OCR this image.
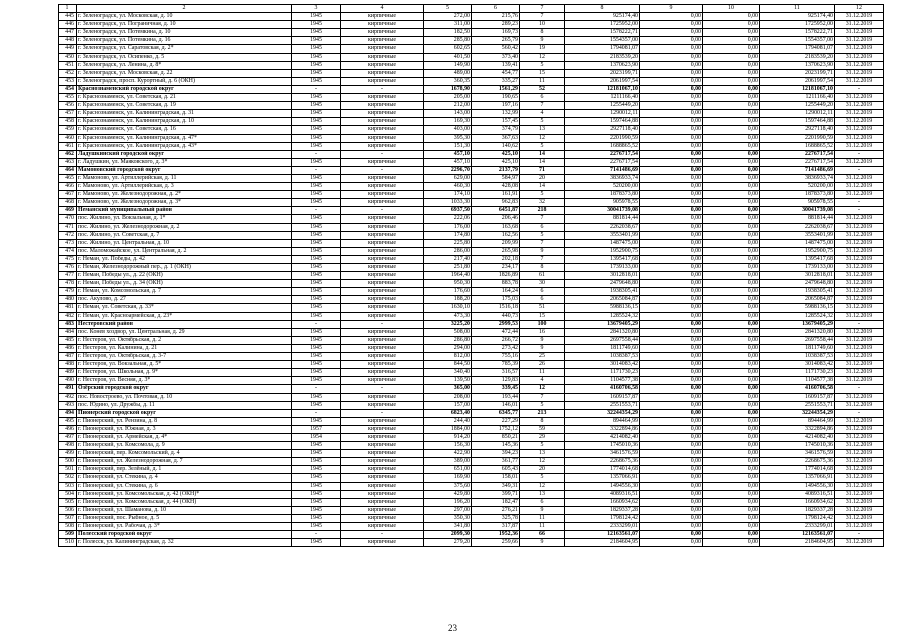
1	2	3	4	5	6	7	8	9	10	11	12
445	г. Зеленоградск, ул. Московская, д. 10	1945	кирпичные	272,00	215,76	7	925174,40	0,00	0,00	925174,40	31.12.2019
446	г. Зеленоградск, ул. Пограничная, д. 10	1945	кирпичные	311,00	289,23	10	1725952,00	0,00	0,00	1725952,00	31.12.2019
447	г. Зеленоградск, ул. Потемкина, д. 10	1945	кирпичные	182,50	169,73	8	1578222,71	0,00	0,00	1578222,71	31.12.2019
448	г. Зеленоградск, ул. Потемкина, д. 16	1945	кирпичные	285,80	265,79	9	1554357,00	0,00	0,00	1554357,00	31.12.2019
449	г. Зеленоградск, ул. Саратовская, д. 2*	1945	кирпичные	602,65	560,42	19	1794081,07	0,00	0,00	1794081,07	31.12.2019
450	г. Зеленоградск, ул. Осипенко, д. 5	1945	кирпичные	401,50	373,40	12	2183539,20	0,00	0,00	2183539,20	31.12.2019
451	г. Зеленоградск, ул. Ленина, д. 8*	1945	кирпичные	149,90	139,41	5	1370623,90	0,00	0,00	1370623,90	31.12.2019
452	г. Зеленоградск, ул. Московская, д. 22	1945	кирпичные	489,00	454,77	15	2023199,71	0,00	0,00	2023199,71	31.12.2019
453	г. Зеленоградск, просп. Курортный, д. 6 (ОКН)	1945	кирпичные	360,35	335,27	11	2061997,54	0,00	0,00	2061997,54	31.12.2019
454	Краснознаменский городской округ	-	-	1678,90	1561,29	52	12181067,10	0,00	0,00	12181067,10	-
455	г. Краснознаменск, ул. Советская, д. 21	1945	кирпичные	205,00	190,65	6	1211166,40	0,00	0,00	1211166,40	31.12.2019
456	г. Краснознаменск, ул. Советская, д. 19	1945	кирпичные	212,00	197,16	7	1255449,20	0,00	0,00	1255449,20	31.12.2019
457	г. Краснознаменск, ул. Калининградская, д. 31	1945	кирпичные	143,00	132,99	4	1290012,11	0,00	0,00	1290012,11	31.12.2019
458	г. Краснознаменск, ул. Калининградская, д. 10	1945	кирпичные	169,30	157,45	5	1597464,88	0,00	0,00	1597464,88	31.12.2019
459	г. Краснознаменск, ул. Советская, д. 16	1945	кирпичные	403,00	374,79	13	2927118,40	0,00	0,00	2927118,40	31.12.2019
460	г. Краснознаменск, ул. Калининградская, д. 47*	1945	кирпичные	395,30	367,63	12	2201990,59	0,00	0,00	2201990,59	31.12.2019
461	г. Краснознаменск, ул. Калининградская, д. 43*	1945	кирпичные	151,30	140,62	5	1688865,52	0,00	0,00	1688865,52	31.12.2019
462	Ладушкинский городской округ	-	-	457,10	425,10	14	2276717,54	0,00	0,00	2276717,54	-
463	г. Ладушкин, ул. Маяковского, д. 3*	1945	кирпичные	457,10	425,10	14	2276717,54	0,00	0,00	2276717,54	31.12.2019
464	Мамоновский городской округ	-	-	2296,70	2137,79	71	7141486,69	0,00	0,00	7141486,69	-
465	г. Мамоново, ул. Артиллерийская, д. 11	1945	кирпичные	629,00	584,97	20	3836933,74	0,00	0,00	3836933,74	31.12.2019
466	г. Мамоново, ул. Артиллерийская, д. 3	1945	кирпичные	460,30	428,08	14	520200,00	0,00	0,00	520200,00	31.12.2019
467	г. Мамоново, ул. Железнодорожная, д. 2*	1945	кирпичные	174,10	161,91	5	1878373,80	0,00	0,00	1878373,80	31.12.2019
468	г. Мамоново, ул. Железнодорожная, д. 3*	1945	кирпичные	1033,30	962,83	32	905978,55	0,00	0,00	905978,55	-
469	Неманский муниципальный район	-	-	6937,50	6451,87	218	30041739,08	0,00	0,00	30041739,08	-
470	пос. Жилино, ул. Вокзальная, д. 1*	1945	кирпичные	222,06	206,46	7	881814,44	0,00	0,00	881814,44	31.12.2019
471	пос. Жилино, ул. Железнодорожная, д. 2	1945	кирпичные	176,00	163,68	6	2262038,67	0,00	0,00	2262038,67	31.12.2019
472	пос. Жилино, ул. Советская, д. 7	1945	кирпичные	174,80	162,56	5	3553401,99	0,00	0,00	3553401,99	31.12.2019
473	пос. Жилино, ул. Центральная, д. 10	1945	кирпичные	225,80	209,99	7	1487475,00	0,00	0,00	1487475,00	31.12.2019
474	пос. Маломожайское, ул. Центральная, д. 2	1945	кирпичные	286,00	265,98	9	1952900,75	0,00	0,00	1952900,75	31.12.2019
475	г. Неман, ул. Победы, д. 42	1945	кирпичные	217,40	202,18	7	1395417,68	0,00	0,00	1395417,68	31.12.2019
476	г. Неман, Железнодорожный пер., д. 1 (ОКН)	1945	кирпичные	251,80	234,17	8	1739133,00	0,00	0,00	1739133,00	31.12.2019
477	г. Неман, Победы ул., д. 22 (ОКН)	1945	кирпичные	1964,40	1826,89	61	3012818,01	0,00	0,00	3012818,01	31.12.2019
478	г. Неман, Победы ул., д. 34 (ОКН)	1945	кирпичные	950,30	883,78	30	2479648,80	0,00	0,00	2479648,80	31.12.2019
479	г. Неман, ул. Комсомольская, д. 7	1945	кирпичные	176,60	164,24	6	1938305,41	0,00	0,00	1938305,41	31.12.2019
480	пос. Акулово, д. 27	1945	кирпичные	188,20	175,03	6	2065084,87	0,00	0,00	2065084,87	31.12.2019
481	г. Неман, ул. Советская, д. 33*	1945	кирпичные	1630,10	1516,18	51	5988136,15	0,00	0,00	5988136,15	31.12.2019
482	г. Неман, ул. Красноармейская, д. 23*	1945	кирпичные	473,30	440,73	15	1285524,32	0,00	0,00	1285524,32	31.12.2019
483	Нестеровский район	-	-	3225,20	2999,53	100	13679405,29	0,00	0,00	13679405,29	-
484	пос. Конев хоздвор, ул. Центральная, д. 29	1945	кирпичные	508,00	472,44	16	2841320,80	0,00	0,00	2841320,80	31.12.2019
485	г. Нестеров, ул. Октябрьская, д. 2	1945	кирпичные	286,80	266,72	9	2697558,44	0,00	0,00	2697558,44	31.12.2019
486	г. Нестеров, ул. Калинина, д. 21	1945	кирпичные	294,00	273,42	9	1811749,60	0,00	0,00	1811749,60	31.12.2019
487	г. Нестеров, ул. Октябрьская, д. 3-7	1945	кирпичные	812,00	755,16	25	1038387,53	0,00	0,00	1038387,53	31.12.2019
488	г. Нестеров, ул. Вокзальная, д. 5*	1945	кирпичные	844,50	785,39	26	3014083,42	0,00	0,00	3014083,42	31.12.2019
489	г. Нестеров, ул. Школьная, д. 9*	1945	кирпичные	340,40	316,57	11	1171730,23	0,00	0,00	1171730,23	31.12.2019
490	г. Нестеров, ул. Весняя, д. 3*	1945	кирпичные	139,50	129,83	4	1104577,38	0,00	0,00	1104577,38	31.12.2019
491	Озёрский городской округ	-	-	365,00	339,45	12	4160706,58	0,00	0,00	4160706,58	-
492	пос. Новостроево, ул. Почтовая, д. 10	1945	кирпичные	208,00	193,44	7	1609157,87	0,00	0,00	1609157,87	31.12.2019
493	пос. Юдино, ул. Дружбы, д. 11	1945	кирпичные	157,00	146,01	5	2551553,71	0,00	0,00	2551553,71	31.12.2019
494	Пионерский городской округ	-	-	6823,40	6345,77	213	32244354,29	0,00	0,00	32244354,29	-
495	г. Пионерский, ул. Рензина, д. 8	1945	кирпичные	244,40	227,29	8	894464,99	0,00	0,00	894464,99	31.12.2019
496	г. Пионерский, ул. Южная, д. 3	1957	кирпичные	1884,00	1752,12	59	3322894,86	0,00	0,00	3322894,86	31.12.2019
497	г. Пионерский, ул. Армейская, д. 4*	1954	кирпичные	914,20	850,21	29	4214082,40	0,00	0,00	4214082,40	31.12.2019
498	г. Пионерский, ул. Комсомола, д. 9	1945	кирпичные	156,30	145,36	5	1745010,36	0,00	0,00	1745010,36	31.12.2019
499	г. Пионерский, пер. Комсомольский, д. 4	1945	кирпичные	422,90	394,23	13	3461576,59	0,00	0,00	3461576,59	31.12.2019
500	г. Пионерский, ул. Железнодорожная, д. 7	1945	кирпичные	389,00	361,77	12	2268675,36	0,00	0,00	2268675,36	31.12.2019
501	г. Пионерский, пер. Зелёный, д. 1	1945	кирпичные	651,00	605,43	20	1774014,68	0,00	0,00	1774014,68	31.12.2019
502	г. Пионерский, ул. Стекина, д. 4	1945	кирпичные	169,90	158,01	5	1357066,91	0,00	0,00	1357066,91	31.12.2019
503	г. Пионерский, ул. Стекина, д. 6	1945	кирпичные	375,60	349,31	12	1494556,30	0,00	0,00	1494556,30	31.12.2019
504	г. Пионерский, ул. Комсомольская, д. 42 (ОКН)*	1945	кирпичные	429,80	399,71	13	4089316,51	0,00	0,00	4089316,51	31.12.2019
505	г. Пионерский, ул. Комсомольская, д. 44 (ОКН)	1945	кирпичные	196,20	182,47	6	1660934,62	0,00	0,00	1660934,62	31.12.2019
506	г. Пионерский, ул. Шаманова, д. 10	1945	кирпичные	297,00	276,21	9	1829337,28	0,00	0,00	1829337,28	31.12.2019
507	г. Пионерский, пос. Рыбное, д. 5	1945	кирпичные	350,30	325,78	11	1798124,42	0,00	0,00	1798124,42	31.12.2019
508	г. Пионерский, ул. Рабочая, д. 3*	1945	кирпичные	341,80	317,87	11	2333299,01	0,00	0,00	2333299,01	31.12.2019
509	Полесский городской округ	-	-	2099,30	1952,36	66	12163561,07	0,00	0,00	12163561,07	-
510	г. Полесск, ул. Калининградская, д. 32	1945	кирпичные	279,20	259,66	9	2184604,95	0,00	0,00	2184604,95	31.12.2019
23
